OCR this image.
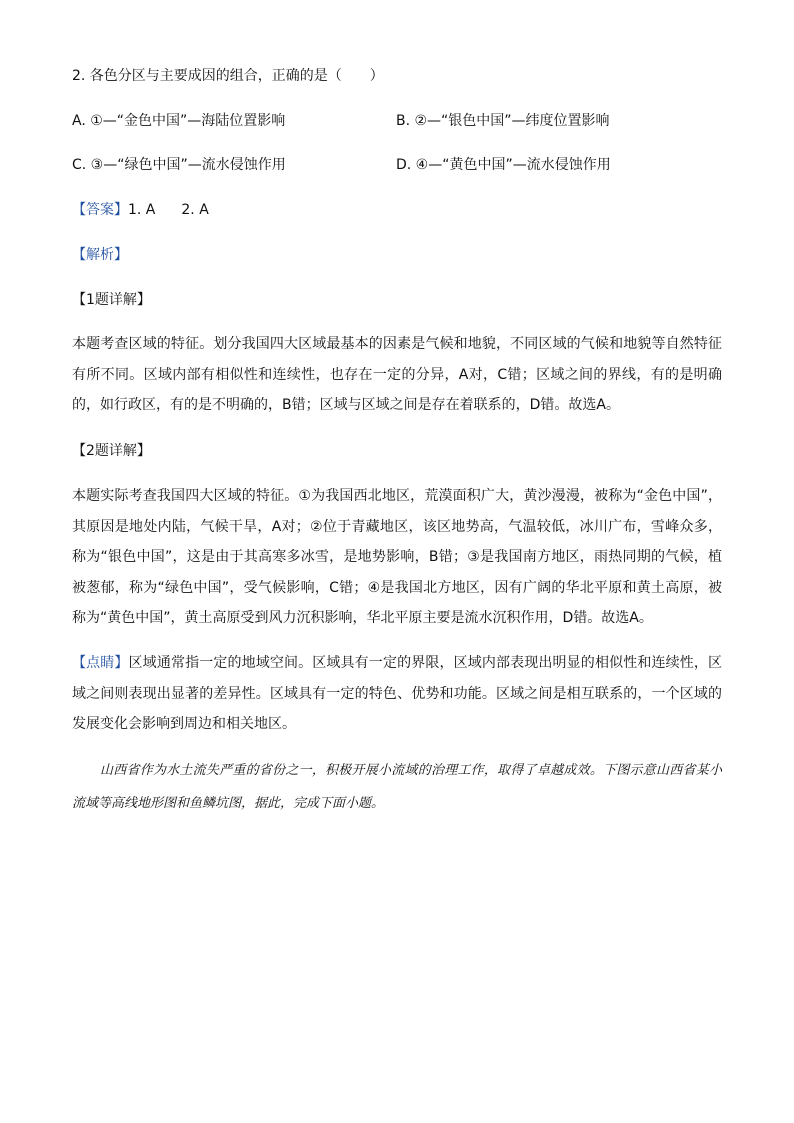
2. 各色分区与主要成因的组合，正确的是（　　）
A. ①—“金色中国”—海陆位置影响	B. ②—“银色中国”—纬度位置影响
C. ③—“绿色中国”—流水侵蚀作用	D. ④—“黄色中国”—流水侵蚀作用
【答案】1. A 2. A
【解析】
【1题详解】
本题考查区域的特征。划分我国四大区域最基本的因素是气候和地貌，不同区域的气候和地貌等自然特征有所不同。区域内部有相似性和连续性，也存在一定的分异，A对，C错；区域之间的界线，有的是明确的，如行政区，有的是不明确的，B错；区域与区域之间是存在着联系的，D错。故选A。
【2题详解】
本题实际考查我国四大区域的特征。①为我国西北地区，荒漠面积广大，黄沙漫漫，被称为“金色中国”，其原因是地处内陆，气候干旱，A对；②位于青藏地区，该区地势高，气温较低，冰川广布，雪峰众多，称为“银色中国”，这是由于其高寒多冰雪，是地势影响，B错；③是我国南方地区，雨热同期的气候，植被葱郁，称为“绿色中国”，受气候影响，C错；④是我国北方地区，因有广阔的华北平原和黄土高原，被称为“黄色中国”，黄土高原受到风力沉积影响，华北平原主要是流水沉积作用，D错。故选A。
【点睛】区域通常指一定的地域空间。区域具有一定的界限，区域内部表现出明显的相似性和连续性，区域之间则表现出显著的差异性。区域具有一定的特色、优势和功能。区域之间是相互联系的，一个区域的发展变化会影响到周边和相关地区。
山西省作为水土流失严重的省份之一，积极开展小流域的治理工作，取得了卓越成效。下图示意山西省某小流域等高线地形图和鱼鳞坑图，据此，完成下面小题。
